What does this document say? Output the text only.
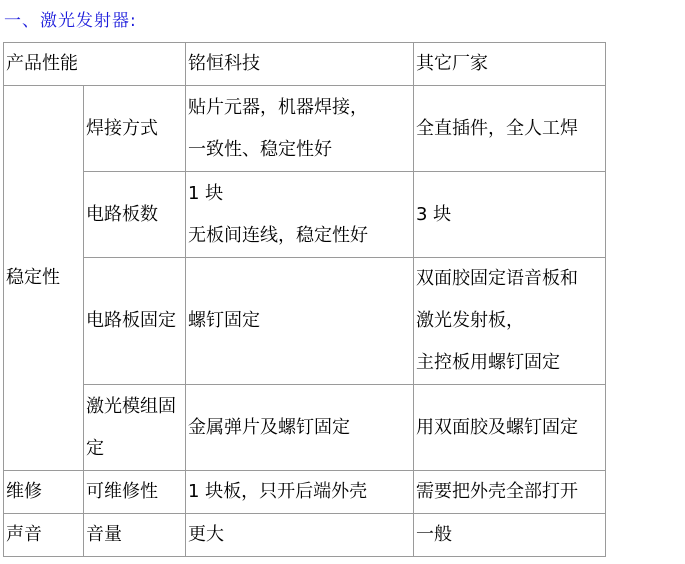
一、激光发射器:
产品性能		铭恒科技	其它厂家
稳定性	焊接方式	贴片元器，机器焊接，
一致性、稳定性好	全直插件，全人工焊

	电路板数	1 块
无板间连线，稳定性好	3 块

	电路板固定	螺钉固定	双面胶固定语音板和
激光发射板，
主控板用螺钉固定

	激光模组固定	金属弹片及螺钉固定	用双面胶及螺钉固定

维修	可维修性	1 块板，只开后端外壳	需要把外壳全部打开
声音	音量	更大	一般
